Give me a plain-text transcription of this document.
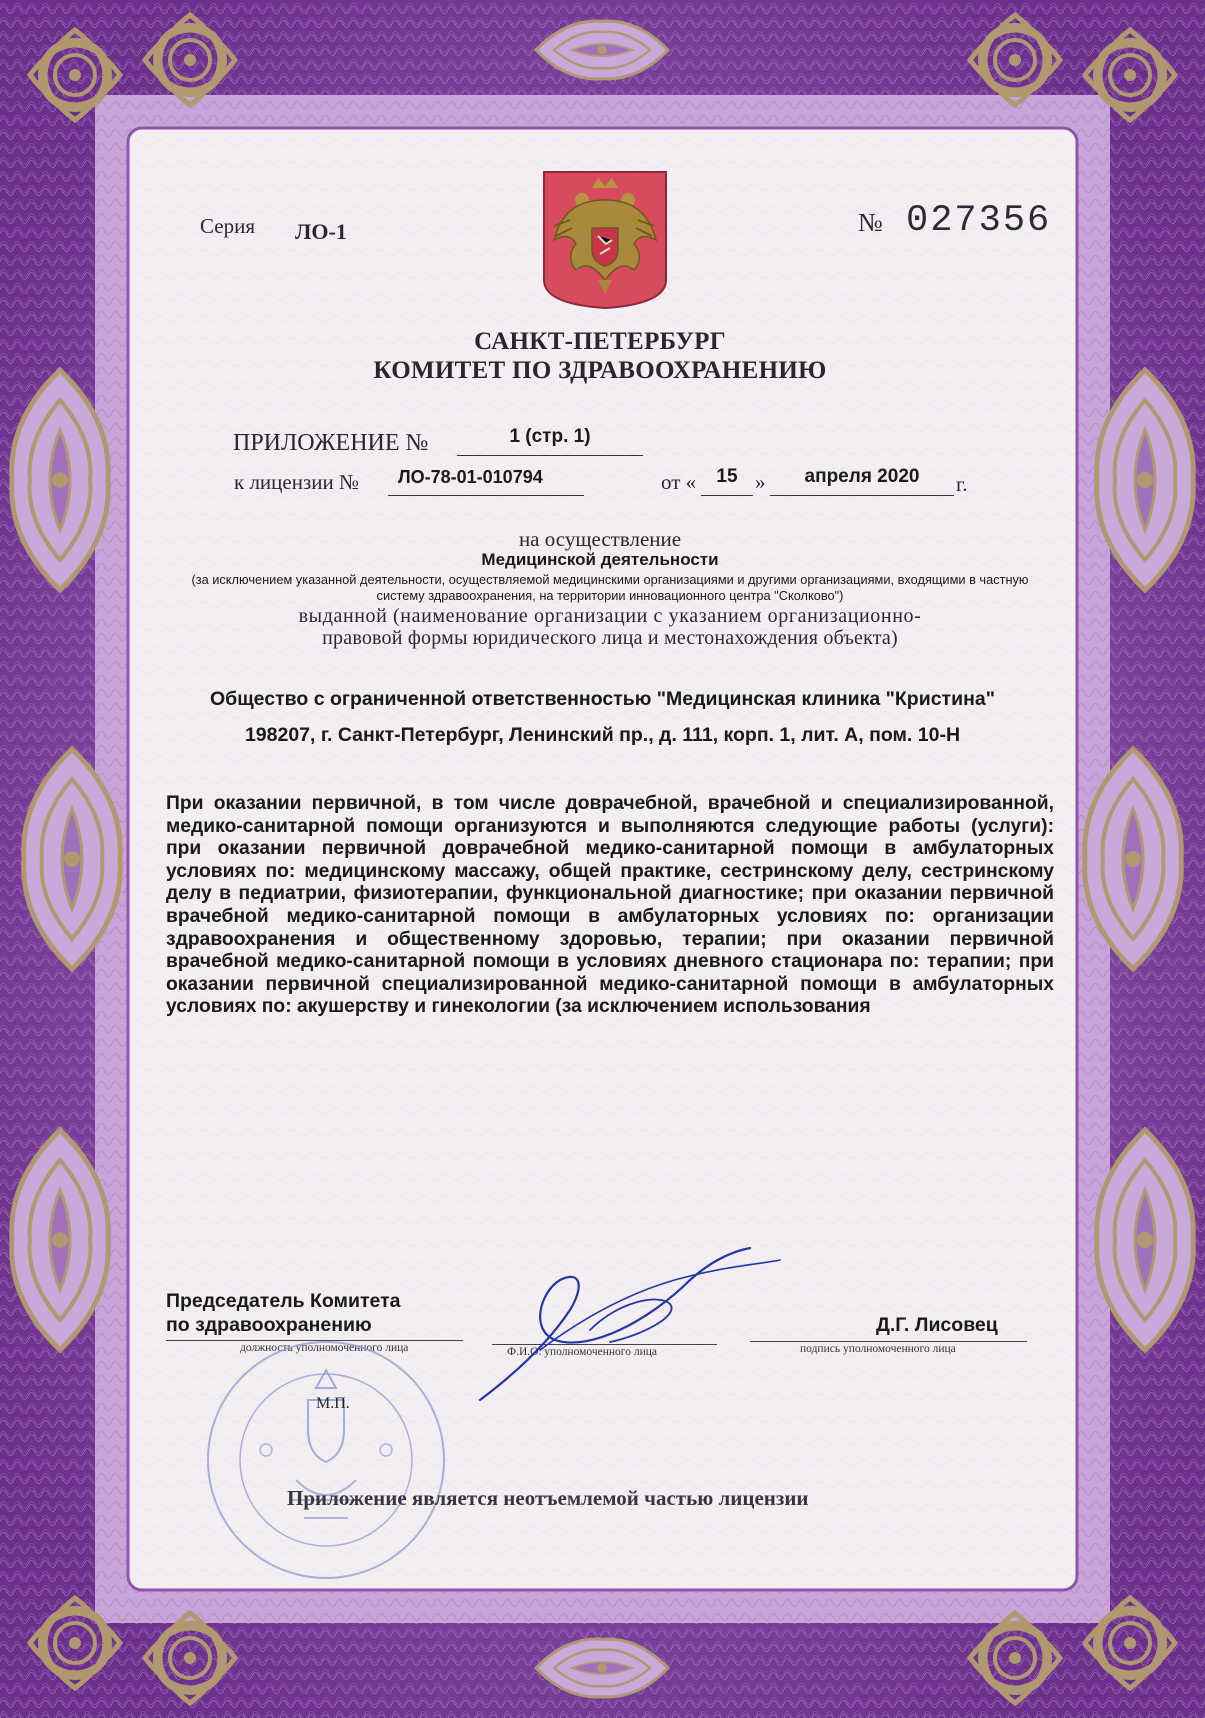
Серия ЛО-1	№ 027356
САНКТ-ПЕТЕРБУРГ
КОМИТЕТ ПО ЗДРАВООХРАНЕНИЮ
ПРИЛОЖЕНИЕ №	1 (стр. 1)
к лицензии № ЛО-78-01-010794	от «	15 »	апреля 2020	г.
на осуществление
Медицинской деятельности
(за исключением указанной деятельности, осуществляемой медицинскими организациями и другими организациями, входящими в частную систему здравоохранения, на территории инновационного центра "Сколково")
выданной (наименование организации с указанием организационно-
правовой формы юридического лица и местонахождения объекта)
Общество с ограниченной ответственностью "Медицинская клиника "Кристина"
198207, г. Санкт-Петербург, Ленинский пр., д. 111, корп. 1, лит. А, пом. 10-Н
При оказании первичной, в том числе доврачебной, врачебной и специализированной, медико-санитарной помощи организуются и выполняются следующие работы (услуги): при оказании первичной доврачебной медико-санитарной помощи в амбулаторных условиях по: медицинскому массажу, общей практике, сестринскому делу, сестринскому делу в педиатрии, физиотерапии, функциональной диагностике; при оказании первичной врачебной медико-санитарной помощи в амбулаторных условиях по: организации здравоохранения и общественному здоровью, терапии; при оказании первичной врачебной медико-санитарной помощи в условиях дневного стационара по: терапии; при оказании первичной специализированной медико-санитарной помощи в амбулаторных условиях по: акушерству и гинекологии (за исключением использования
Председатель Комитета
по здравоохранению
должность уполномоченного лица	Ф.И.О. уполномоченного лица
Д.Г. Лисовец
подпись уполномоченного лица
М.П.
Приложение является неотъемлемой частью лицензии
